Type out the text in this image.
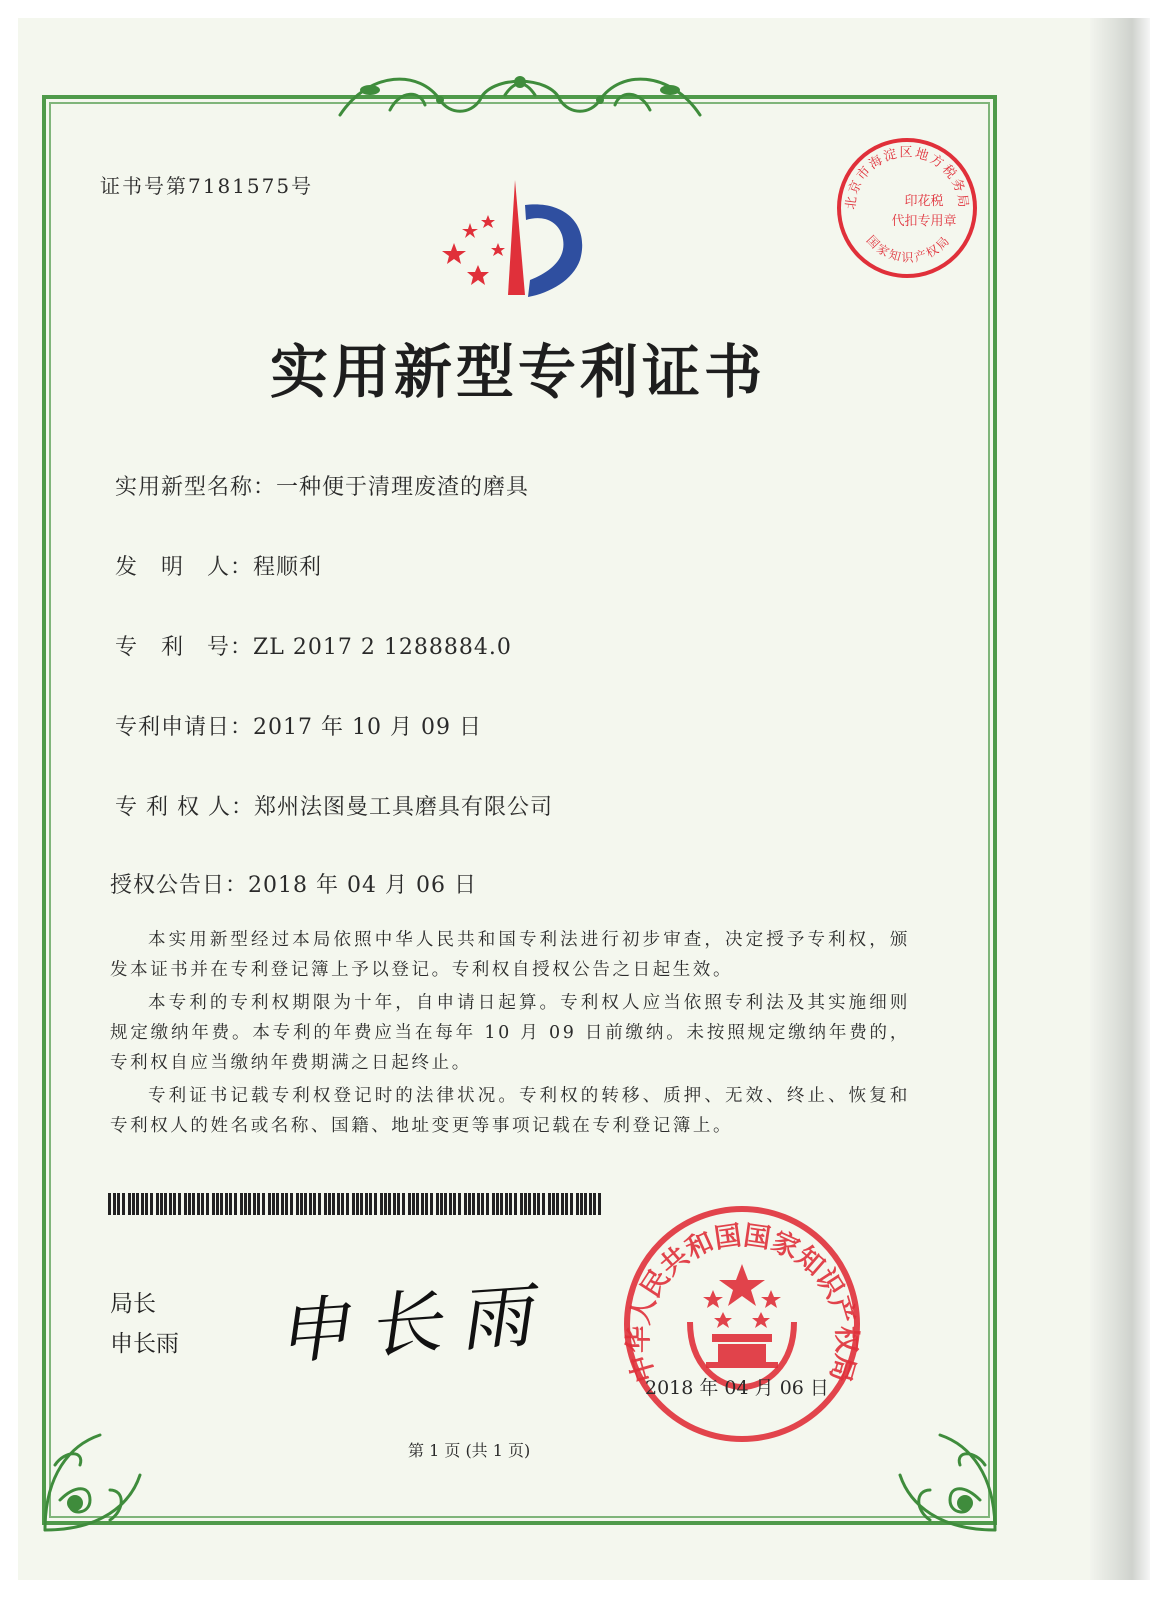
证书号第7181575号
北京市海淀区地方税务局
印花税
代扣专用章
国家知识产权局
实用新型专利证书
实用新型名称：一种便于清理废渣的磨具
发　明　人：程顺利
专　利　号：ZL 2017 2 1288884.0
专利申请日：2017 年 10 月 09 日
专 利 权 人：郑州法图曼工具磨具有限公司
授权公告日：2018 年 04 月 06 日
本实用新型经过本局依照中华人民共和国专利法进行初步审查，决定授予专利权，颁发本证书并在专利登记簿上予以登记。专利权自授权公告之日起生效。
本专利的专利权期限为十年，自申请日起算。专利权人应当依照专利法及其实施细则规定缴纳年费。本专利的年费应当在每年 10 月 09 日前缴纳。未按照规定缴纳年费的，专利权自应当缴纳年费期满之日起终止。
专利证书记载专利权登记时的法律状况。专利权的转移、质押、无效、终止、恢复和专利权人的姓名或名称、国籍、地址变更等事项记载在专利登记簿上。
局长
申长雨 申长雨 中华人民共和国国家知识产权局
2018 年 04 月 06 日
第 1 页 (共 1 页)
